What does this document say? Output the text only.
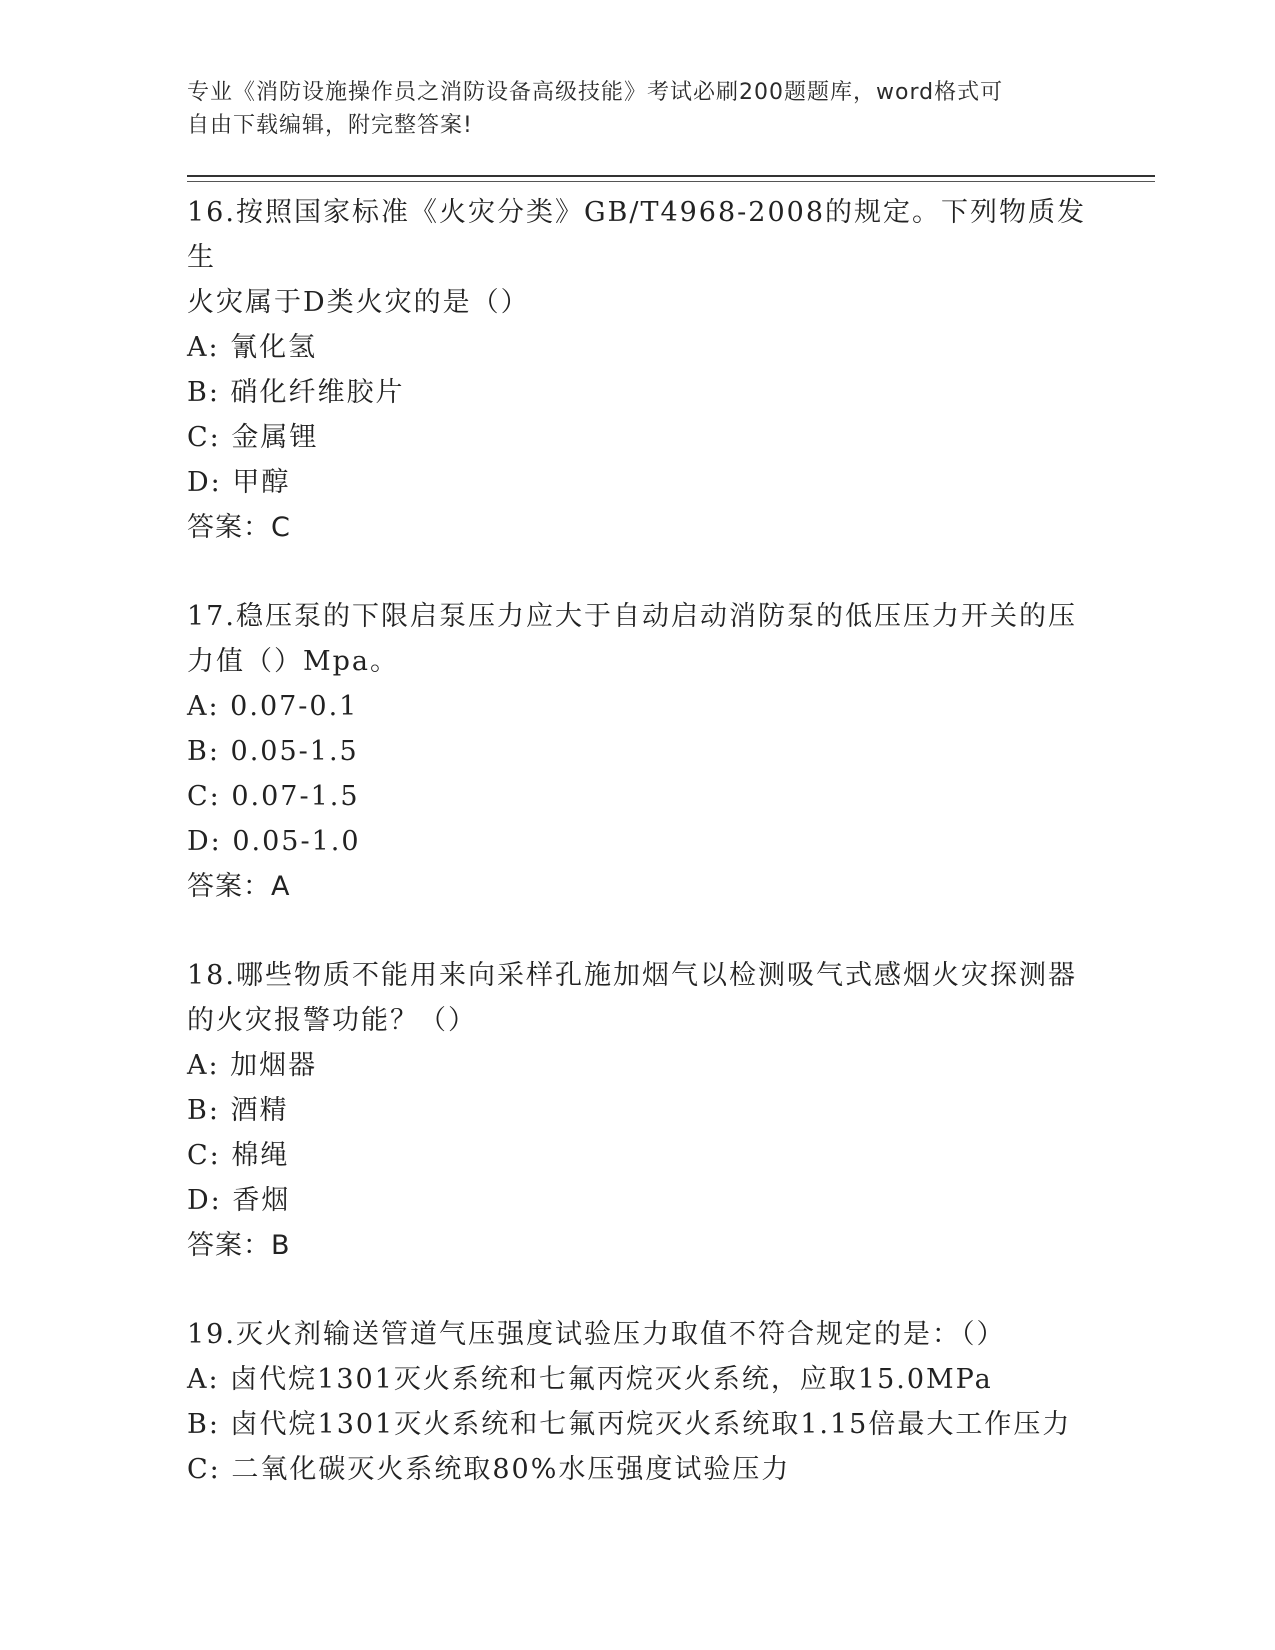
专业《消防设施操作员之消防设备高级技能》考试必刷200题题库，word格式可
自由下载编辑，附完整答案!

16.按照国家标准《火灾分类》GB/T4968-2008的规定。下列物质发生

火灾属于D类火灾的是（）

A: 氰化氢

B: 硝化纤维胶片

C: 金属锂

D: 甲醇

答案：C

17.稳压泵的下限启泵压力应大于自动启动消防泵的低压压力开关的压

力值（）Mpa。

A: 0.07-0.1

B: 0.05-1.5

C: 0.07-1.5

D: 0.05-1.0

答案：A

18.哪些物质不能用来向采样孔施加烟气以检测吸气式感烟火灾探测器

的火灾报警功能？（）

A: 加烟器

B: 酒精

C: 棉绳

D: 香烟

答案：B

19.灭火剂输送管道气压强度试验压力取值不符合规定的是：（）

A: 卤代烷1301灭火系统和七氟丙烷灭火系统，应取15.0MPa

B: 卤代烷1301灭火系统和七氟丙烷灭火系统取1.15倍最大工作压力

C: 二氧化碳灭火系统取80%水压强度试验压力
